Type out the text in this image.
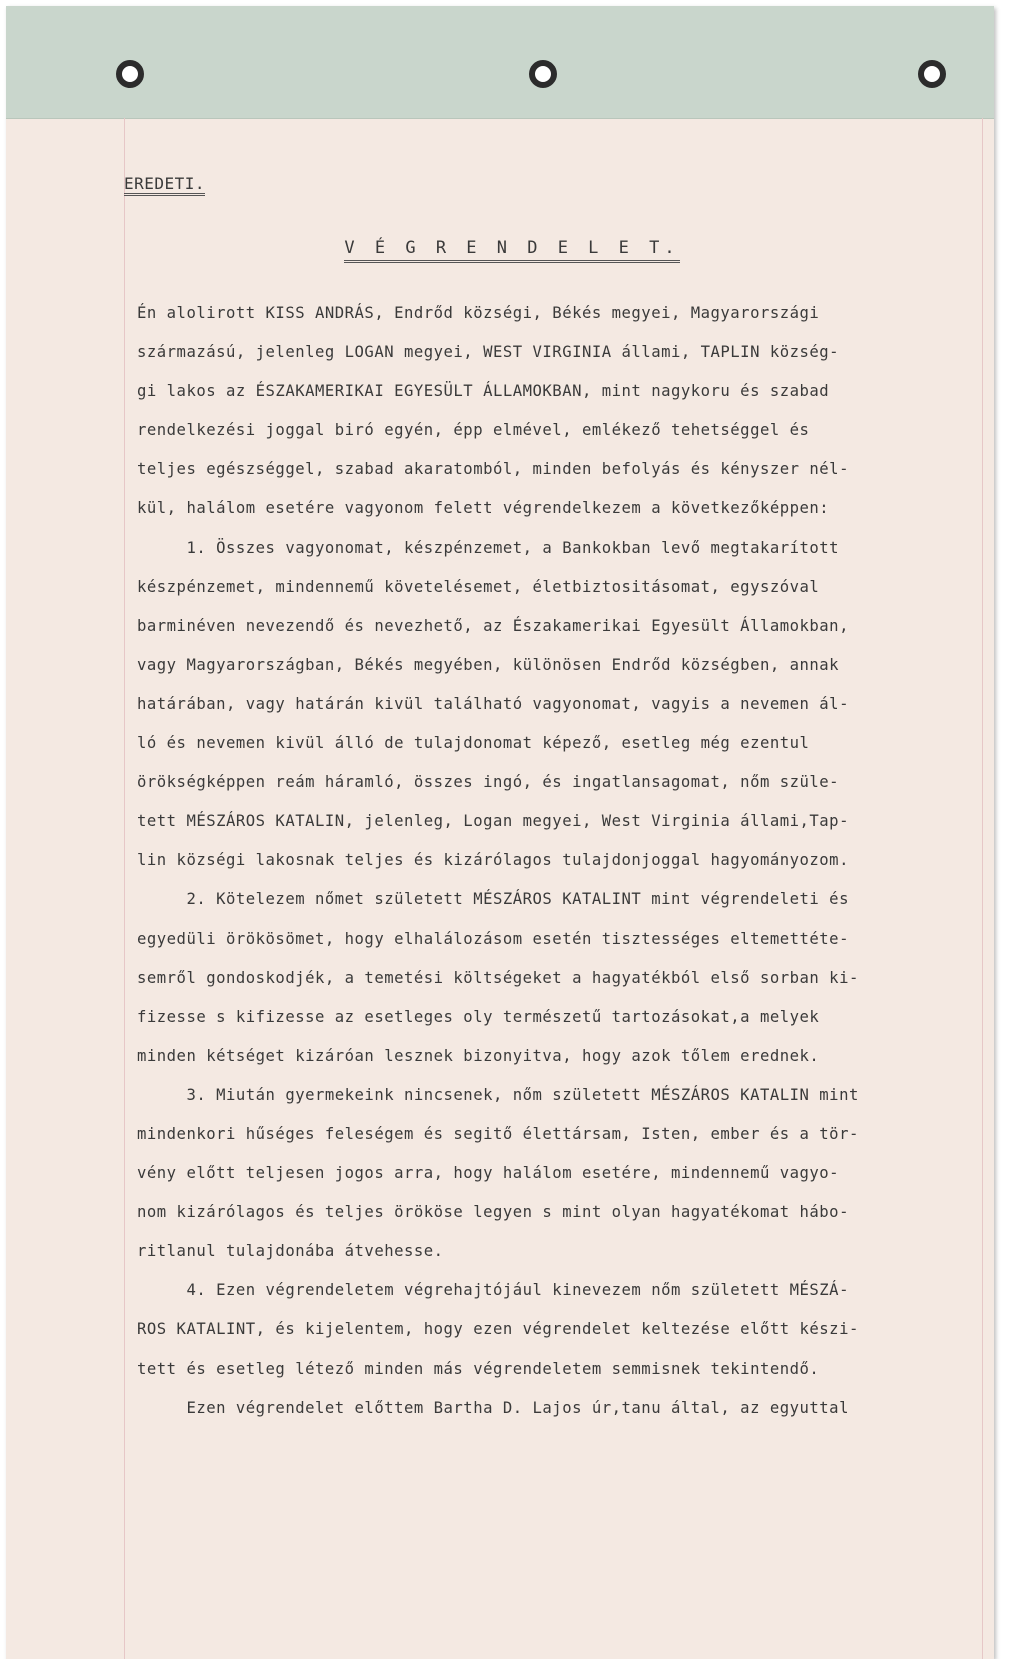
EREDETI.
V É G R E N D E L E T.
Én alolirott KISS ANDRÁS, Endrőd községi, Békés megyei, Magyarországi
származású, jelenleg LOGAN megyei, WEST VIRGINIA állami, TAPLIN község-
gi lakos az ÉSZAKAMERIKAI EGYESÜLT ÁLLAMOKBAN, mint nagykoru és szabad
rendelkezési joggal biró egyén, épp elmével, emlékező tehetséggel és
teljes egészséggel, szabad akaratomból, minden befolyás és kényszer nél-
kül, halálom esetére vagyonom felett végrendelkezem a következőképpen:
1. Összes vagyonomat, készpénzemet, a Bankokban levő megtakarított
készpénzemet, mindennemű követelésemet, életbiztositásomat, egyszóval
barminéven nevezendő és nevezhető, az Északamerikai Egyesült Államokban,
vagy Magyarországban, Békés megyében, különösen Endrőd községben, annak
határában, vagy határán kivül található vagyonomat, vagyis a nevemen ál-
ló és nevemen kivül álló de tulajdonomat képező, esetleg még ezentul
örökségképpen reám háramló, összes ingó, és ingatlansagomat, nőm szüle-
tett MÉSZÁROS KATALIN, jelenleg, Logan megyei, West Virginia állami,Tap-
lin községi lakosnak teljes és kizárólagos tulajdonjoggal hagyományozom.
2. Kötelezem nőmet született MÉSZÁROS KATALINT mint végrendeleti és
egyedüli örökösömet, hogy elhalálozásom esetén tisztességes eltemettéte-
semről gondoskodjék, a temetési költségeket a hagyatékból első sorban ki-
fizesse s kifizesse az esetleges oly természetű tartozásokat,a melyek
minden kétséget kizáróan lesznek bizonyitva, hogy azok tőlem erednek.
3. Miután gyermekeink nincsenek, nőm született MÉSZÁROS KATALIN mint
mindenkori hűséges feleségem és segitő élettársam, Isten, ember és a tör-
vény előtt teljesen jogos arra, hogy halálom esetére, mindennemű vagyo-
nom kizárólagos és teljes örököse legyen s mint olyan hagyatékomat hábo-
ritlanul tulajdonába átvehesse.
4. Ezen végrendeletem végrehajtójául kinevezem nőm született MÉSZÁ-
ROS KATALINT, és kijelentem, hogy ezen végrendelet keltezése előtt készi-
tett és esetleg létező minden más végrendeletem semmisnek tekintendő.
Ezen végrendelet előttem Bartha D. Lajos úr,tanu által, az egyuttal
